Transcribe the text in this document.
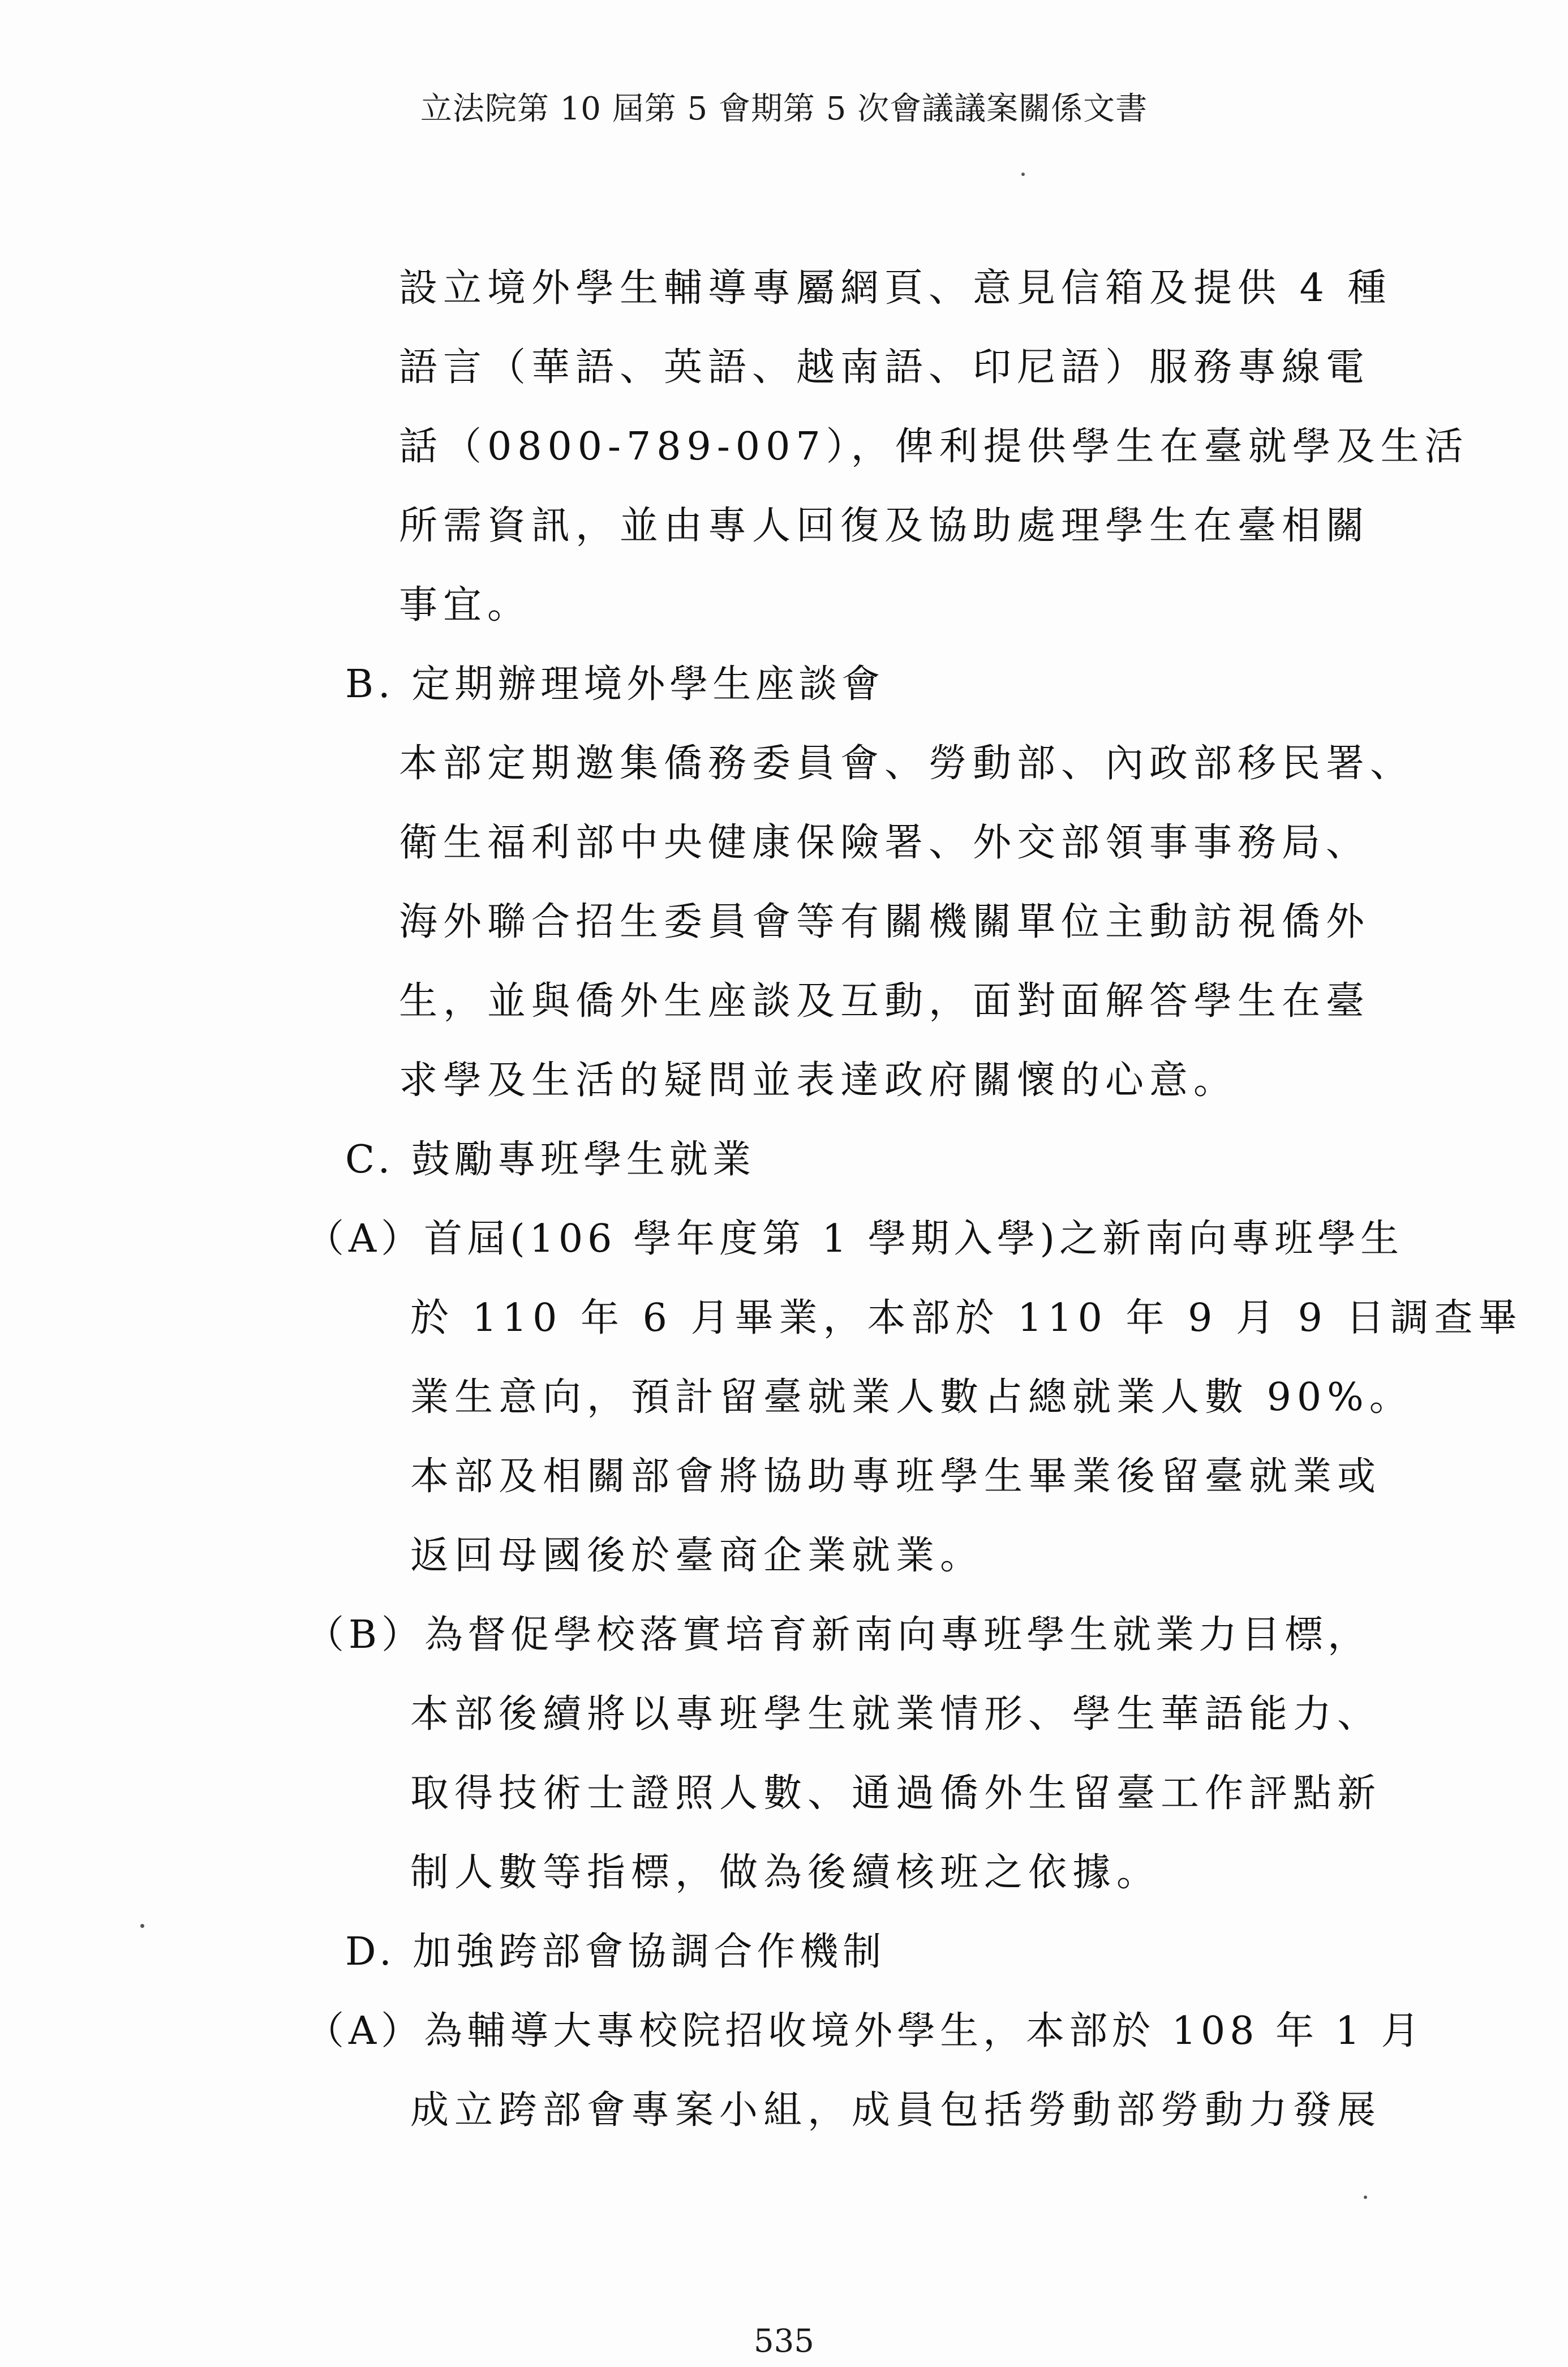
立法院第 10 屆第 5 會期第 5 次會議議案關係文書
設立境外學生輔導專屬網頁、意見信箱及提供 4 種
語言（華語、英語、越南語、印尼語）服務專線電
話（0800-789-007），俾利提供學生在臺就學及生活
所需資訊，並由專人回復及協助處理學生在臺相關
事宜。
B. 定期辦理境外學生座談會
本部定期邀集僑務委員會、勞動部、內政部移民署、
衛生福利部中央健康保險署、外交部領事事務局、
海外聯合招生委員會等有關機關單位主動訪視僑外
生，並與僑外生座談及互動，面對面解答學生在臺
求學及生活的疑問並表達政府關懷的心意。
C. 鼓勵專班學生就業
（A）首屆(106 學年度第 1 學期入學)之新南向專班學生
於 110 年 6 月畢業，本部於 110 年 9 月 9 日調查畢
業生意向，預計留臺就業人數占總就業人數 90%。
本部及相關部會將協助專班學生畢業後留臺就業或
返回母國後於臺商企業就業。
（B）為督促學校落實培育新南向專班學生就業力目標，
本部後續將以專班學生就業情形、學生華語能力、
取得技術士證照人數、通過僑外生留臺工作評點新
制人數等指標，做為後續核班之依據。
D. 加強跨部會協調合作機制
（A）為輔導大專校院招收境外學生，本部於 108 年 1 月
成立跨部會專案小組，成員包括勞動部勞動力發展
535
